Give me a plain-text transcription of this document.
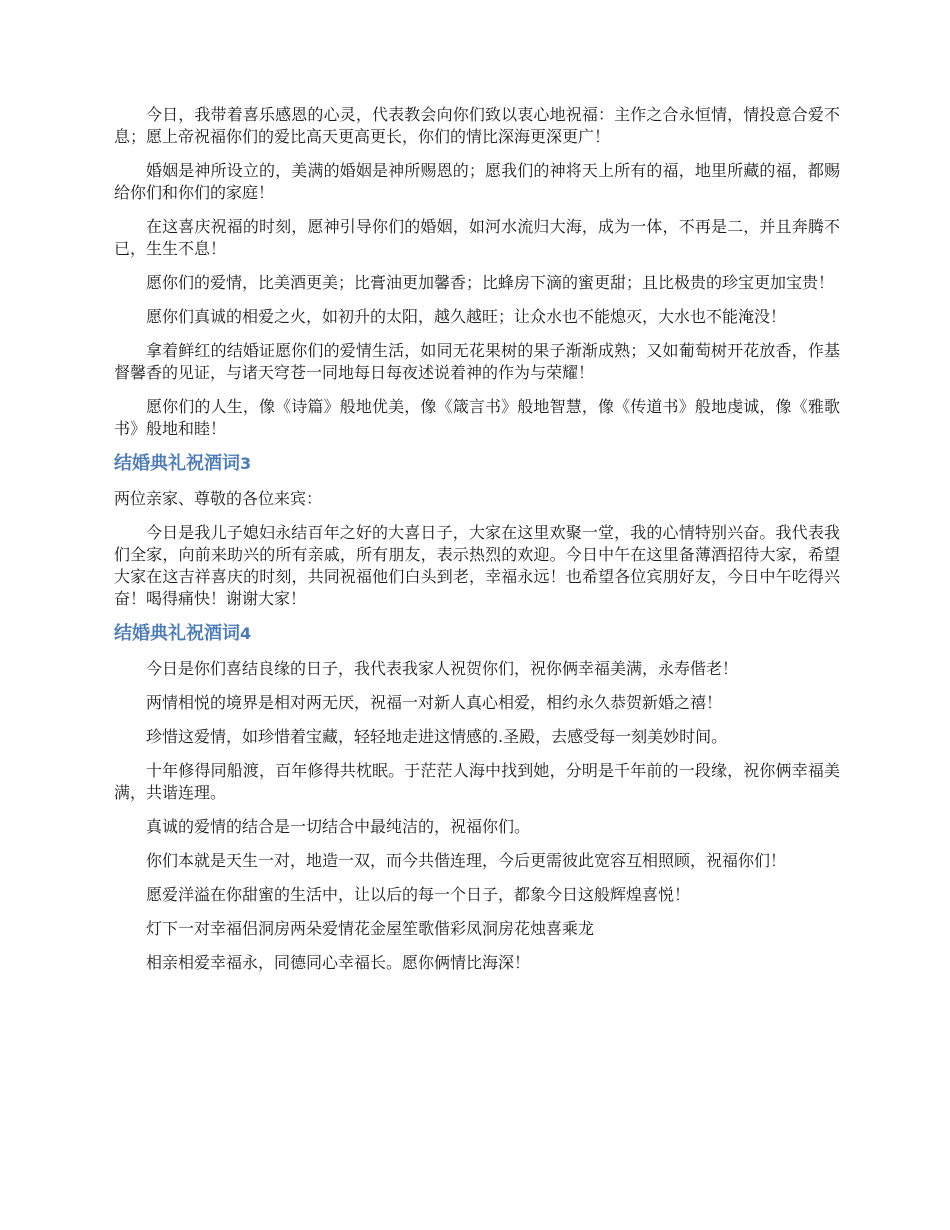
今日，我带着喜乐感恩的心灵，代表教会向你们致以衷心地祝福：主作之合永恒情，情投意合爱不息；愿上帝祝福你们的爱比高天更高更长，你们的情比深海更深更广！

婚姻是神所设立的，美满的婚姻是神所赐恩的；愿我们的神将天上所有的福，地里所藏的福，都赐给你们和你们的家庭！

在这喜庆祝福的时刻，愿神引导你们的婚姻，如河水流归大海，成为一体，不再是二，并且奔腾不已，生生不息！

愿你们的爱情，比美酒更美；比膏油更加馨香；比蜂房下滴的蜜更甜；且比极贵的珍宝更加宝贵！

愿你们真诚的相爱之火，如初升的太阳，越久越旺；让众水也不能熄灭，大水也不能淹没！

拿着鲜红的结婚证愿你们的爱情生活，如同无花果树的果子渐渐成熟；又如葡萄树开花放香，作基督馨香的见证，与诸天穹苍一同地每日每夜述说着神的作为与荣耀！

愿你们的人生，像《诗篇》般地优美，像《箴言书》般地智慧，像《传道书》般地虔诚，像《雅歌书》般地和睦！

结婚典礼祝酒词3

两位亲家、尊敬的各位来宾：

今日是我儿子媳妇永结百年之好的大喜日子，大家在这里欢聚一堂，我的心情特别兴奋。我代表我们全家，向前来助兴的所有亲戚，所有朋友，表示热烈的欢迎。今日中午在这里备薄酒招待大家，希望大家在这吉祥喜庆的时刻，共同祝福他们白头到老，幸福永远！也希望各位宾朋好友，今日中午吃得兴奋！喝得痛快！谢谢大家！

结婚典礼祝酒词4

今日是你们喜结良缘的日子，我代表我家人祝贺你们，祝你俩幸福美满，永寿偕老！

两情相悦的境界是相对两无厌，祝福一对新人真心相爱，相约永久恭贺新婚之禧！

珍惜这爱情，如珍惜着宝藏，轻轻地走进这情感的.圣殿，去感受每一刻美妙时间。

十年修得同船渡，百年修得共枕眠。于茫茫人海中找到她，分明是千年前的一段缘，祝你俩幸福美满，共谐连理。

真诚的爱情的结合是一切结合中最纯洁的，祝福你们。

你们本就是天生一对，地造一双，而今共偕连理，今后更需彼此宽容互相照顾，祝福你们！

愿爱洋溢在你甜蜜的生活中，让以后的每一个日子，都象今日这般辉煌喜悦！

灯下一对幸福侣洞房两朵爱情花金屋笙歌偕彩凤洞房花烛喜乘龙

相亲相爱幸福永，同德同心幸福长。愿你俩情比海深！
